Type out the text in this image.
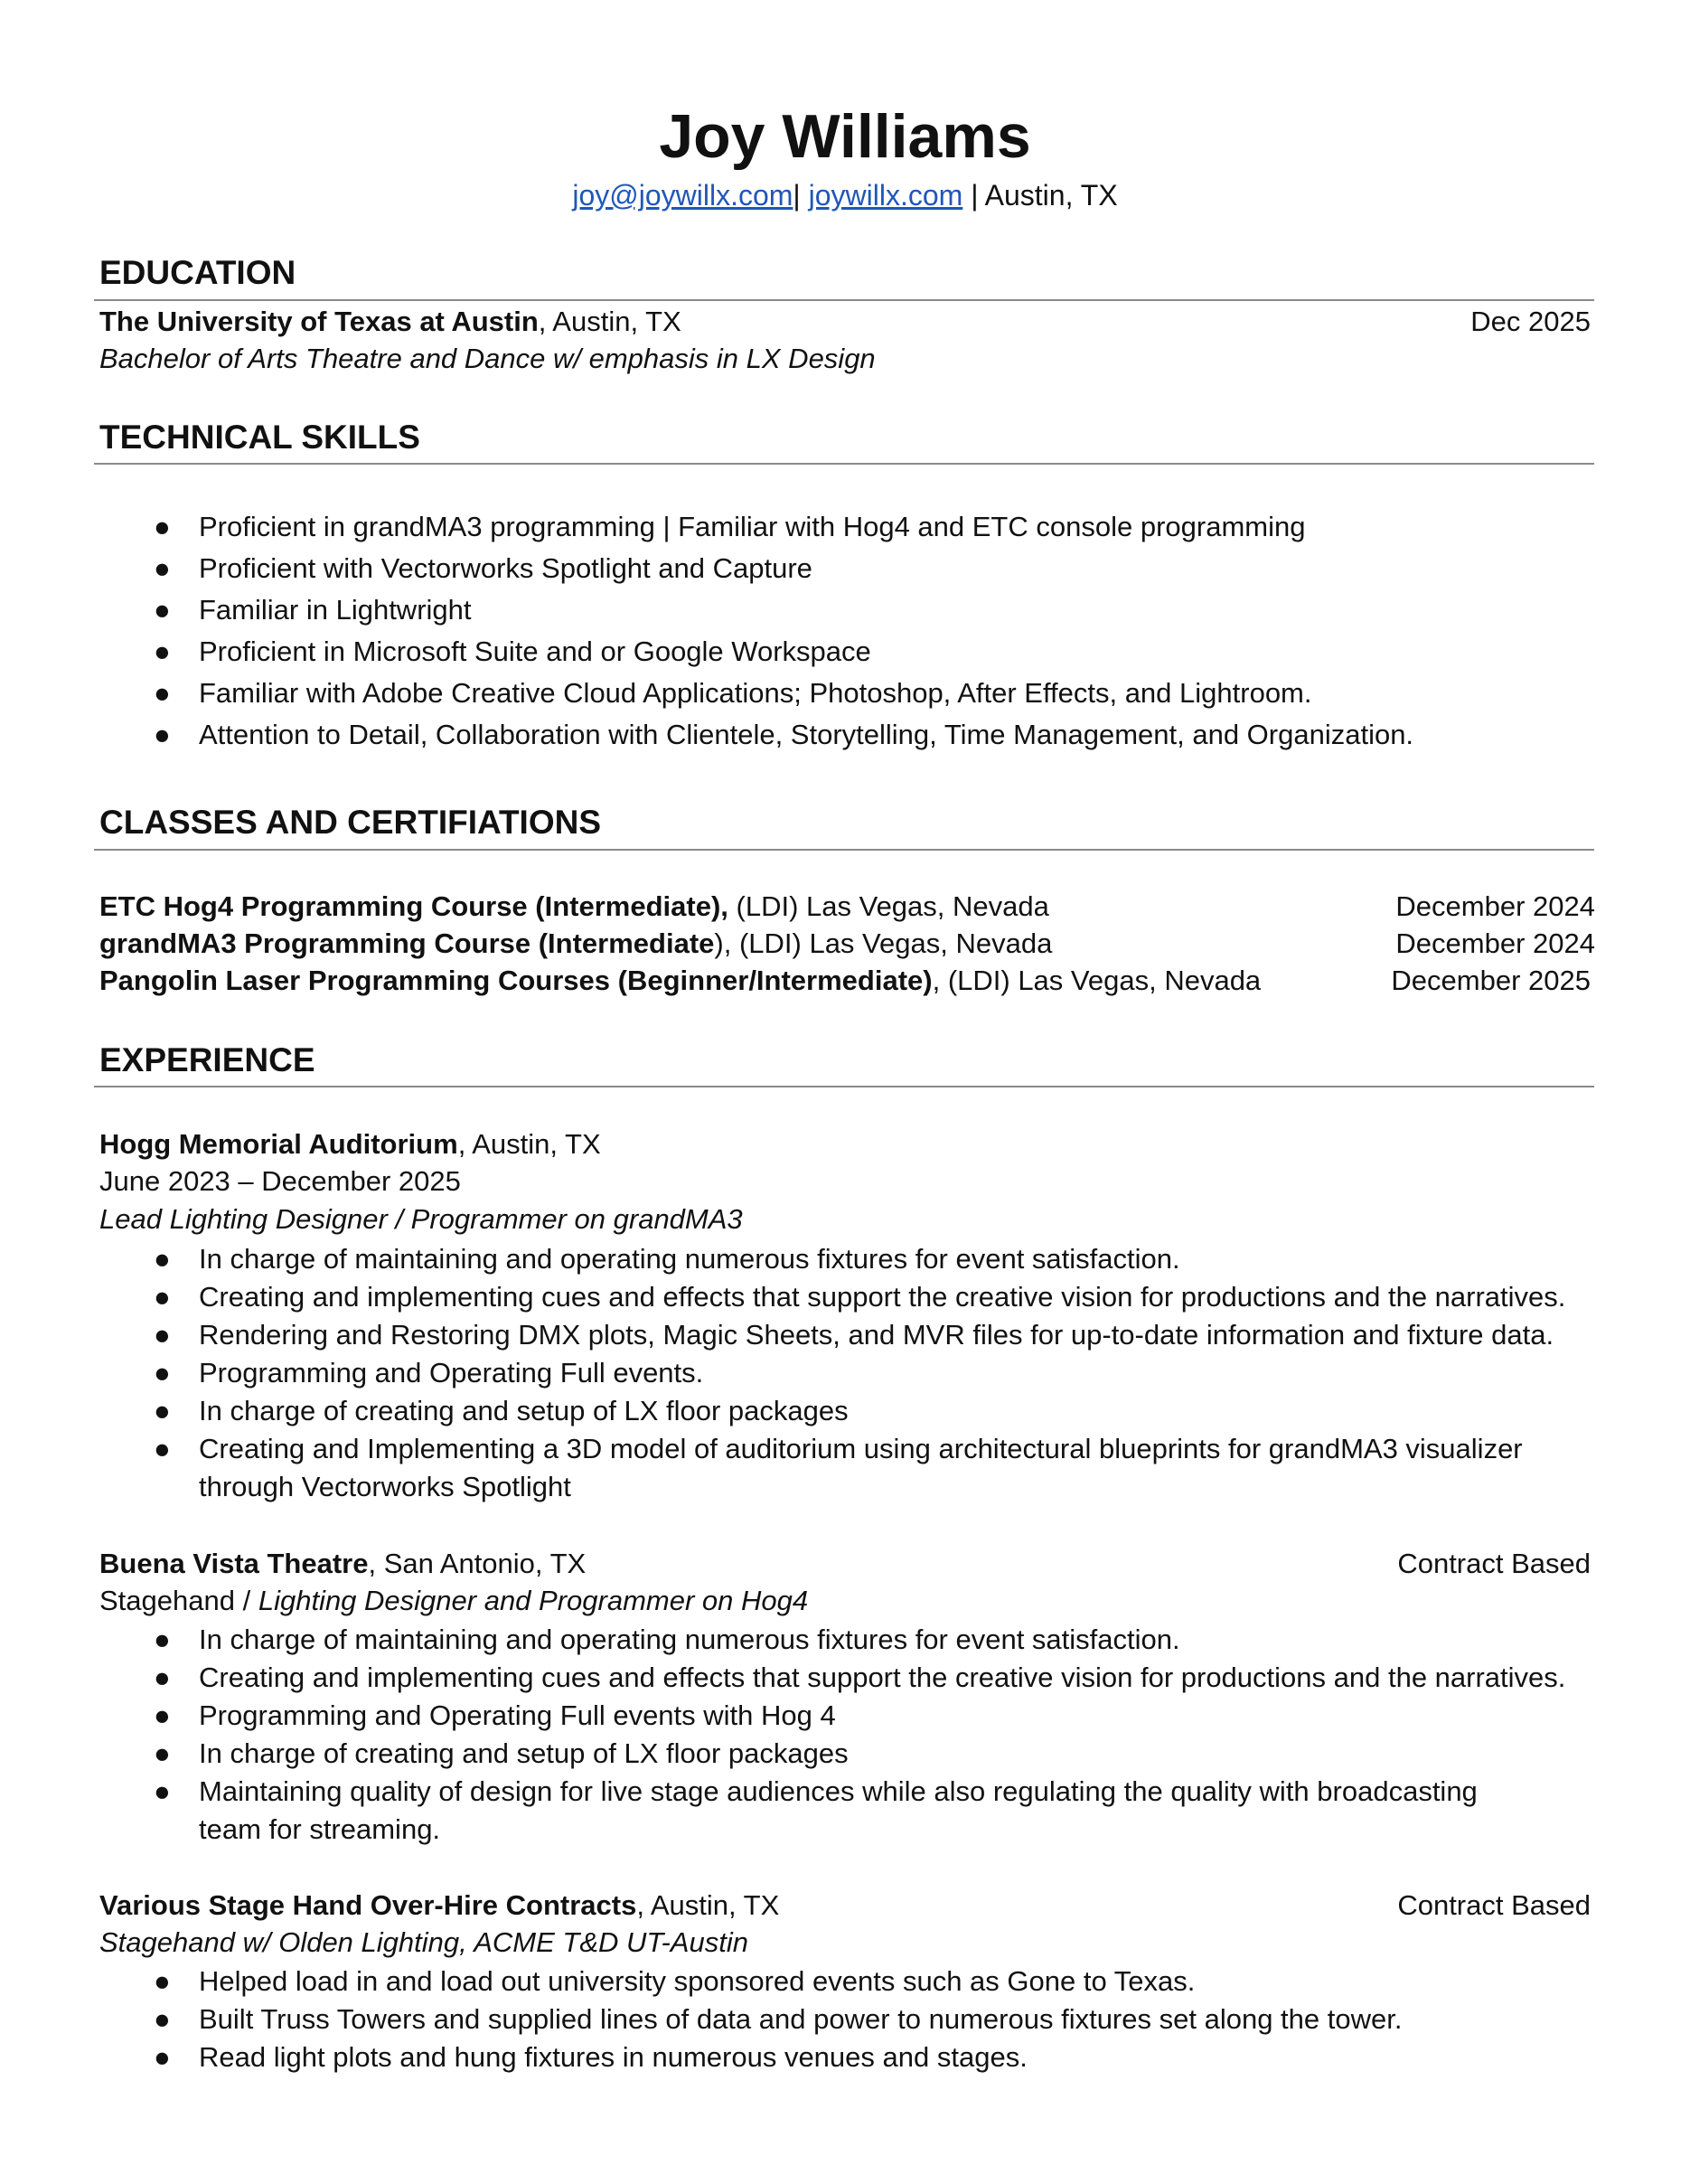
Joy Williams
joy@joywillx.com| joywillx.com | Austin, TX
EDUCATION
The University of Texas at Austin, Austin, TX	Dec 2025
Bachelor of Arts Theatre and Dance w/ emphasis in LX Design
TECHNICAL SKILLS
● Proficient in grandMA3 programming | Familiar with Hog4 and ETC console programming
● Proficient with Vectorworks Spotlight and Capture
● Familiar in Lightwright
● Proficient in Microsoft Suite and or Google Workspace
● Familiar with Adobe Creative Cloud Applications; Photoshop, After Effects, and Lightroom.
● Attention to Detail, Collaboration with Clientele, Storytelling, Time Management, and Organization.
CLASSES AND CERTIFIATIONS
ETC Hog4 Programming Course (Intermediate), (LDI) Las Vegas, Nevada	December 2024
grandMA3 Programming Course (Intermediate), (LDI) Las Vegas, Nevada	December 2024
Pangolin Laser Programming Courses (Beginner/Intermediate), (LDI) Las Vegas, Nevada	December 2025
EXPERIENCE
Hogg Memorial Auditorium, Austin, TX
June 2023 – December 2025
Lead Lighting Designer / Programmer on grandMA3
● In charge of maintaining and operating numerous fixtures for event satisfaction.
● Creating and implementing cues and effects that support the creative vision for productions and the narratives.
● Rendering and Restoring DMX plots, Magic Sheets, and MVR files for up-to-date information and fixture data.
● Programming and Operating Full events.
● In charge of creating and setup of LX floor packages
● Creating and Implementing a 3D model of auditorium using architectural blueprints for grandMA3 visualizer through Vectorworks Spotlight
Buena Vista Theatre, San Antonio, TX	Contract Based
Stagehand / Lighting Designer and Programmer on Hog4
● In charge of maintaining and operating numerous fixtures for event satisfaction.
● Creating and implementing cues and effects that support the creative vision for productions and the narratives.
● Programming and Operating Full events with Hog 4
● In charge of creating and setup of LX floor packages
● Maintaining quality of design for live stage audiences while also regulating the quality with broadcasting team for streaming.
Various Stage Hand Over-Hire Contracts, Austin, TX	Contract Based
Stagehand w/ Olden Lighting, ACME T&D UT-Austin
● Helped load in and load out university sponsored events such as Gone to Texas.
● Built Truss Towers and supplied lines of data and power to numerous fixtures set along the tower.
● Read light plots and hung fixtures in numerous venues and stages.
